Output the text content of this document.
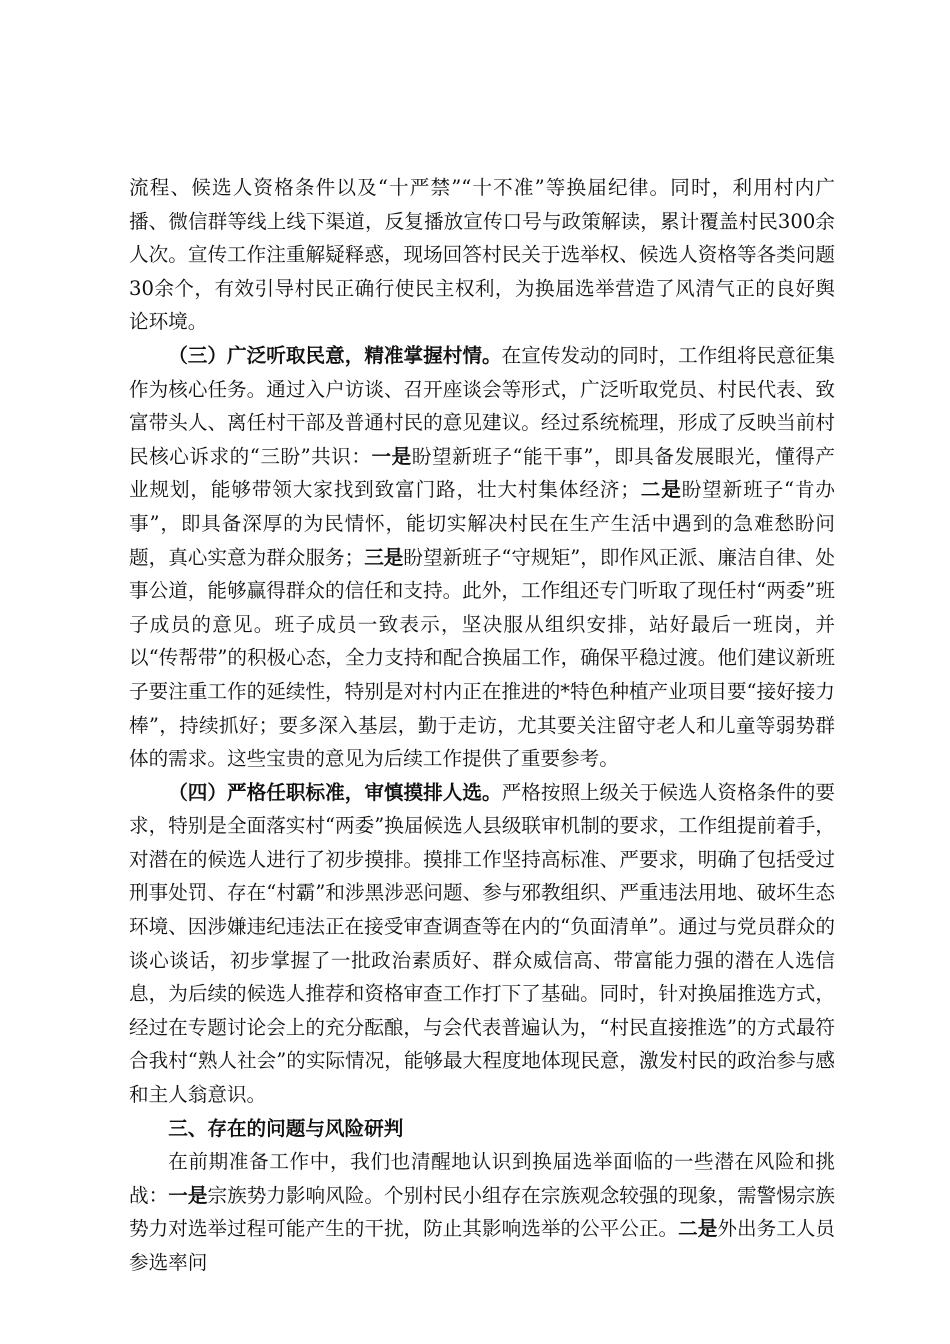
流程、候选人资格条件以及“十严禁”“十不准”等换届纪律。同时，利用村内广播、微信群等线上线下渠道，反复播放宣传口号与政策解读，累计覆盖村民300余人次。宣传工作注重解疑释惑，现场回答村民关于选举权、候选人资格等各类问题30余个，有效引导村民正确行使民主权利，为换届选举营造了风清气正的良好舆论环境。

（三）广泛听取民意，精准掌握村情。在宣传发动的同时，工作组将民意征集作为核心任务。通过入户访谈、召开座谈会等形式，广泛听取党员、村民代表、致富带头人、离任村干部及普通村民的意见建议。经过系统梳理，形成了反映当前村民核心诉求的“三盼”共识：一是盼望新班子“能干事”，即具备发展眼光，懂得产业规划，能够带领大家找到致富门路，壮大村集体经济；二是盼望新班子“肯办事”，即具备深厚的为民情怀，能切实解决村民在生产生活中遇到的急难愁盼问题，真心实意为群众服务；三是盼望新班子“守规矩”，即作风正派、廉洁自律、处事公道，能够赢得群众的信任和支持。此外，工作组还专门听取了现任村“两委”班子成员的意见。班子成员一致表示，坚决服从组织安排，站好最后一班岗，并以“传帮带”的积极心态，全力支持和配合换届工作，确保平稳过渡。他们建议新班子要注重工作的延续性，特别是对村内正在推进的*特色种植产业项目要“接好接力棒”，持续抓好；要多深入基层，勤于走访，尤其要关注留守老人和儿童等弱势群体的需求。这些宝贵的意见为后续工作提供了重要参考。

（四）严格任职标准，审慎摸排人选。严格按照上级关于候选人资格条件的要求，特别是全面落实村“两委”换届候选人县级联审机制的要求，工作组提前着手，对潜在的候选人进行了初步摸排。摸排工作坚持高标准、严要求，明确了包括受过刑事处罚、存在“村霸”和涉黑涉恶问题、参与邪教组织、严重违法用地、破坏生态环境、因涉嫌违纪违法正在接受审查调查等在内的“负面清单”。通过与党员群众的谈心谈话，初步掌握了一批政治素质好、群众威信高、带富能力强的潜在人选信息，为后续的候选人推荐和资格审查工作打下了基础。同时，针对换届推选方式，经过在专题讨论会上的充分酝酿，与会代表普遍认为，“村民直接推选”的方式最符合我村“熟人社会”的实际情况，能够最大程度地体现民意，激发村民的政治参与感和主人翁意识。

三、存在的问题与风险研判

在前期准备工作中，我们也清醒地认识到换届选举面临的一些潜在风险和挑战：一是宗族势力影响风险。个别村民小组存在宗族观念较强的现象，需警惕宗族势力对选举过程可能产生的干扰，防止其影响选举的公平公正。二是外出务工人员参选率问
